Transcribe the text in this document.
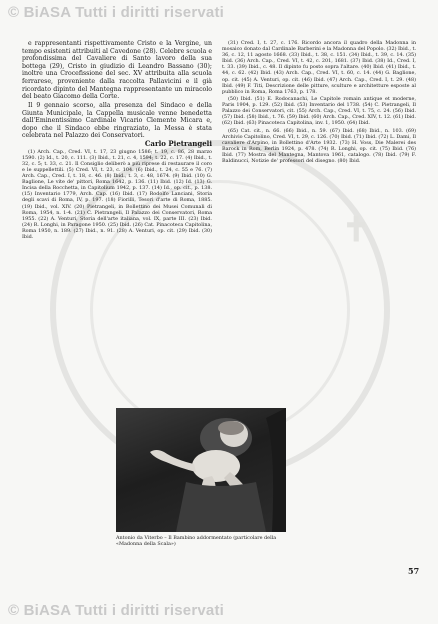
✝
© BiASA Tutti i diritti riservati

e rappresentanti rispettivamente Cristo e la Vergine, un tempo esistenti attribuiti al Cavedone (28). Celebre scuola e profondissima del Cavaliere di Santo lavoro della sua bottega (29), Cristo in giudizio di Leandro Bassano (30); inoltre una Crocefissione del sec. XV attribuita alla scuola ferrarese, proveniente dalla raccolta Pallavicini e il già ricordato dipinto del Mantegna rappresentante un miracolo del beato Giacomo della Corte.

Il 9 gennaio scorso, alla presenza del Sindaco e della Giunta Municipale, la Cappella musicale venne benedetta dall'Eminentissimo Cardinale Vicario Clemente Micara e, dopo che il Sindaco ebbe ringraziato, la Messa è stata celebrata nel Palazzo dei Conservatori.

Carlo Pietrangeli

(1) Arch. Cap., Cred. VI, t. 17, 23 giugno 1586; t. 19, c. 86, 28 marzo 1590. (2) Id., t. 20, c. 111. (3) Ibid., t. 21, c. 4, 1594; t. 22, c. 17. (4) Ibid., t. 32, c. 5; t. 33, c. 21. Il Consiglio deliberò a più riprese di restaurare il coro e le suppellettili. (5) Cred. VI, t. 23, c. 104. (6) Ibid., t. 24, c. 55 e 76. (7) Arch. Cap., Cred. I, t. 18, c. 46. (8) Ibid., t. 3, c. 48, 1674. (9) Ibid. (10) G. Baglione, Le vite de' pittori, Roma 1642, p. 136. (11) Ibid. (12) Id. (13) G. Incisa della Rocchetta, in Capitolium 1942, p. 137. (14) Id., op. cit., p. 138. (15) Inventario 1779, Arch. Cap. (16) Ibid. (17) Rodolfo Lanciani, Storia degli scavi di Roma, IV, p. 197. (18) Fiorilli, Tesori d'arte di Roma, 1885. (19) Ibid., vol. XIV. (20) Pietrangeli, in Bollettino dei Musei Comunali di Roma, 1954, n. 1-4. (21) C. Pietrangeli, Il Palazzo dei Conservatori, Roma 1955. (22) A. Venturi, Storia dell'arte italiana, vol. IX, parte III. (23) Ibid. (24) R. Longhi, in Paragone 1950. (25) Ibid. (26) Cat. Pinacoteca Capitolina, Roma 1950, n. 189. (27) Ibid., n. 91. (28) A. Venturi, op. cit. (29) Ibid. (30) Ibid.

(31) Cred. I, t. 27, c. 176. Ricordo ancora il quadro della Madonna in mosaico donato dal Cardinale Barberini e la Madonna del Popolo. (32) Ibid., t. 36, c. 12, 11 agosto 1668. (33) Ibid., t. 38, c. 151. (34) Ibid., t. 39, c. 14. (35) Ibid. (36) Arch. Cap., Cred. VI, t. 42, c. 201, 1681. (37) Ibid. (38) Id., Cred. I, t. 33. (39) Ibid., c. 48. Il dipinto fu posto sopra l'altare. (40) Ibid. (41) Ibid., t. 44, c. 62. (42) Ibid. (43) Arch. Cap., Cred. VI, t. 60, c. 14. (44) G. Baglione, op. cit. (45) A. Venturi, op. cit. (46) Ibid. (47) Arch. Cap., Cred. I, t. 29. (48) Ibid. (49) F. Titi, Descrizione delle pitture, sculture e architetture esposte al pubblico in Roma, Roma 1763, p. 178.

(50) Ibid. (51) E. Rodocanachi, Le Capitole romain antique et moderne, Paris 1904, p. 129. (52) Ibid. (53) Inventario del 1738. (54) C. Pietrangeli, Il Palazzo dei Conservatori, cit. (55) Arch. Cap., Cred. VI, t. 75, c. 24. (56) Ibid. (57) Ibid. (58) Ibid., t. 76. (59) Ibid. (60) Arch. Cap., Cred. XIV, t. 12. (61) Ibid. (62) Ibid. (63) Pinacoteca Capitolina, inv. 1, 1950. (64) Ibid.

(65) Cat. cit., n. 66. (66) Ibid., n. 59. (67) Ibid. (68) Ibid., n. 103. (69) Archivio Capitolino, Cred. VI, t. 29, c. 126. (70) Ibid. (71) Ibid. (72) L. Dami, Il cavaliere d'Arpino, in Bollettino d'Arte 1932. (73) H. Voss, Die Malerei des Barock in Rom, Berlin 1924, p. 478. (74) R. Longhi, op. cit. (75) Ibid. (76) Ibid. (77) Mostra del Mantegna, Mantova 1961, catalogo. (78) Ibid. (79) F. Baldinucci, Notizie de' professori del disegno. (80) Ibid.

Antonio da Viterbo – Il Bambino addormentato (particolare della «Madonna della Scala»)
57
© BiASA Tutti i diritti riservati
